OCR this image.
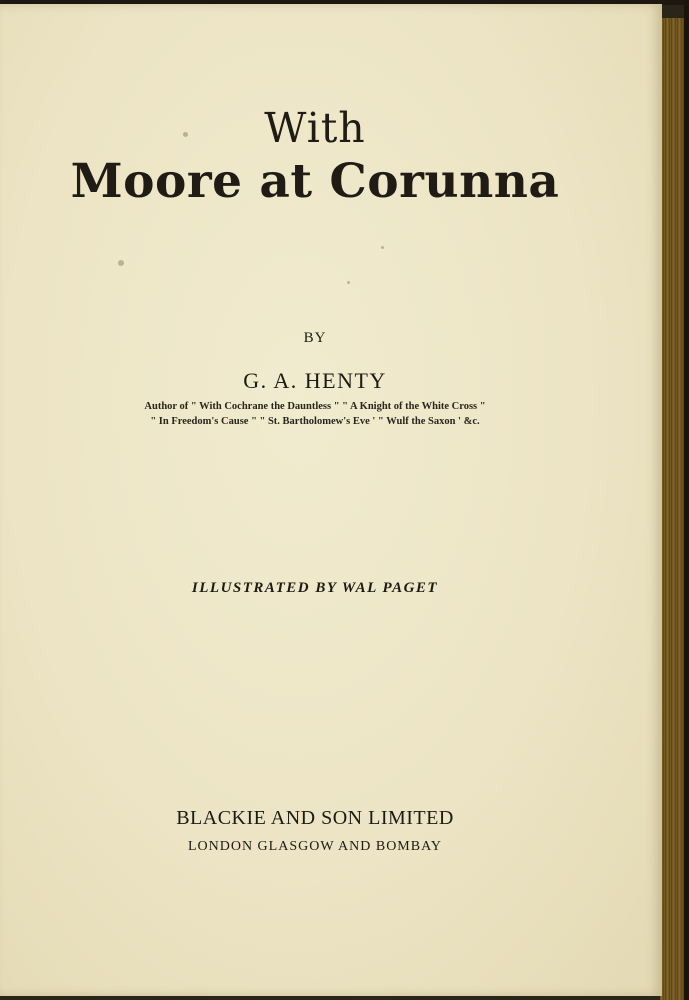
With
Moore at Corunna
BY
G. A. HENTY
Author of " With Cochrane the Dauntless " " A Knight of the White Cross "
" In Freedom's Cause " " St. Bartholomew's Eve ' " Wulf the Saxon ' &c.
ILLUSTRATED BY WAL PAGET
BLACKIE AND SON LIMITED
LONDON GLASGOW AND BOMBAY
